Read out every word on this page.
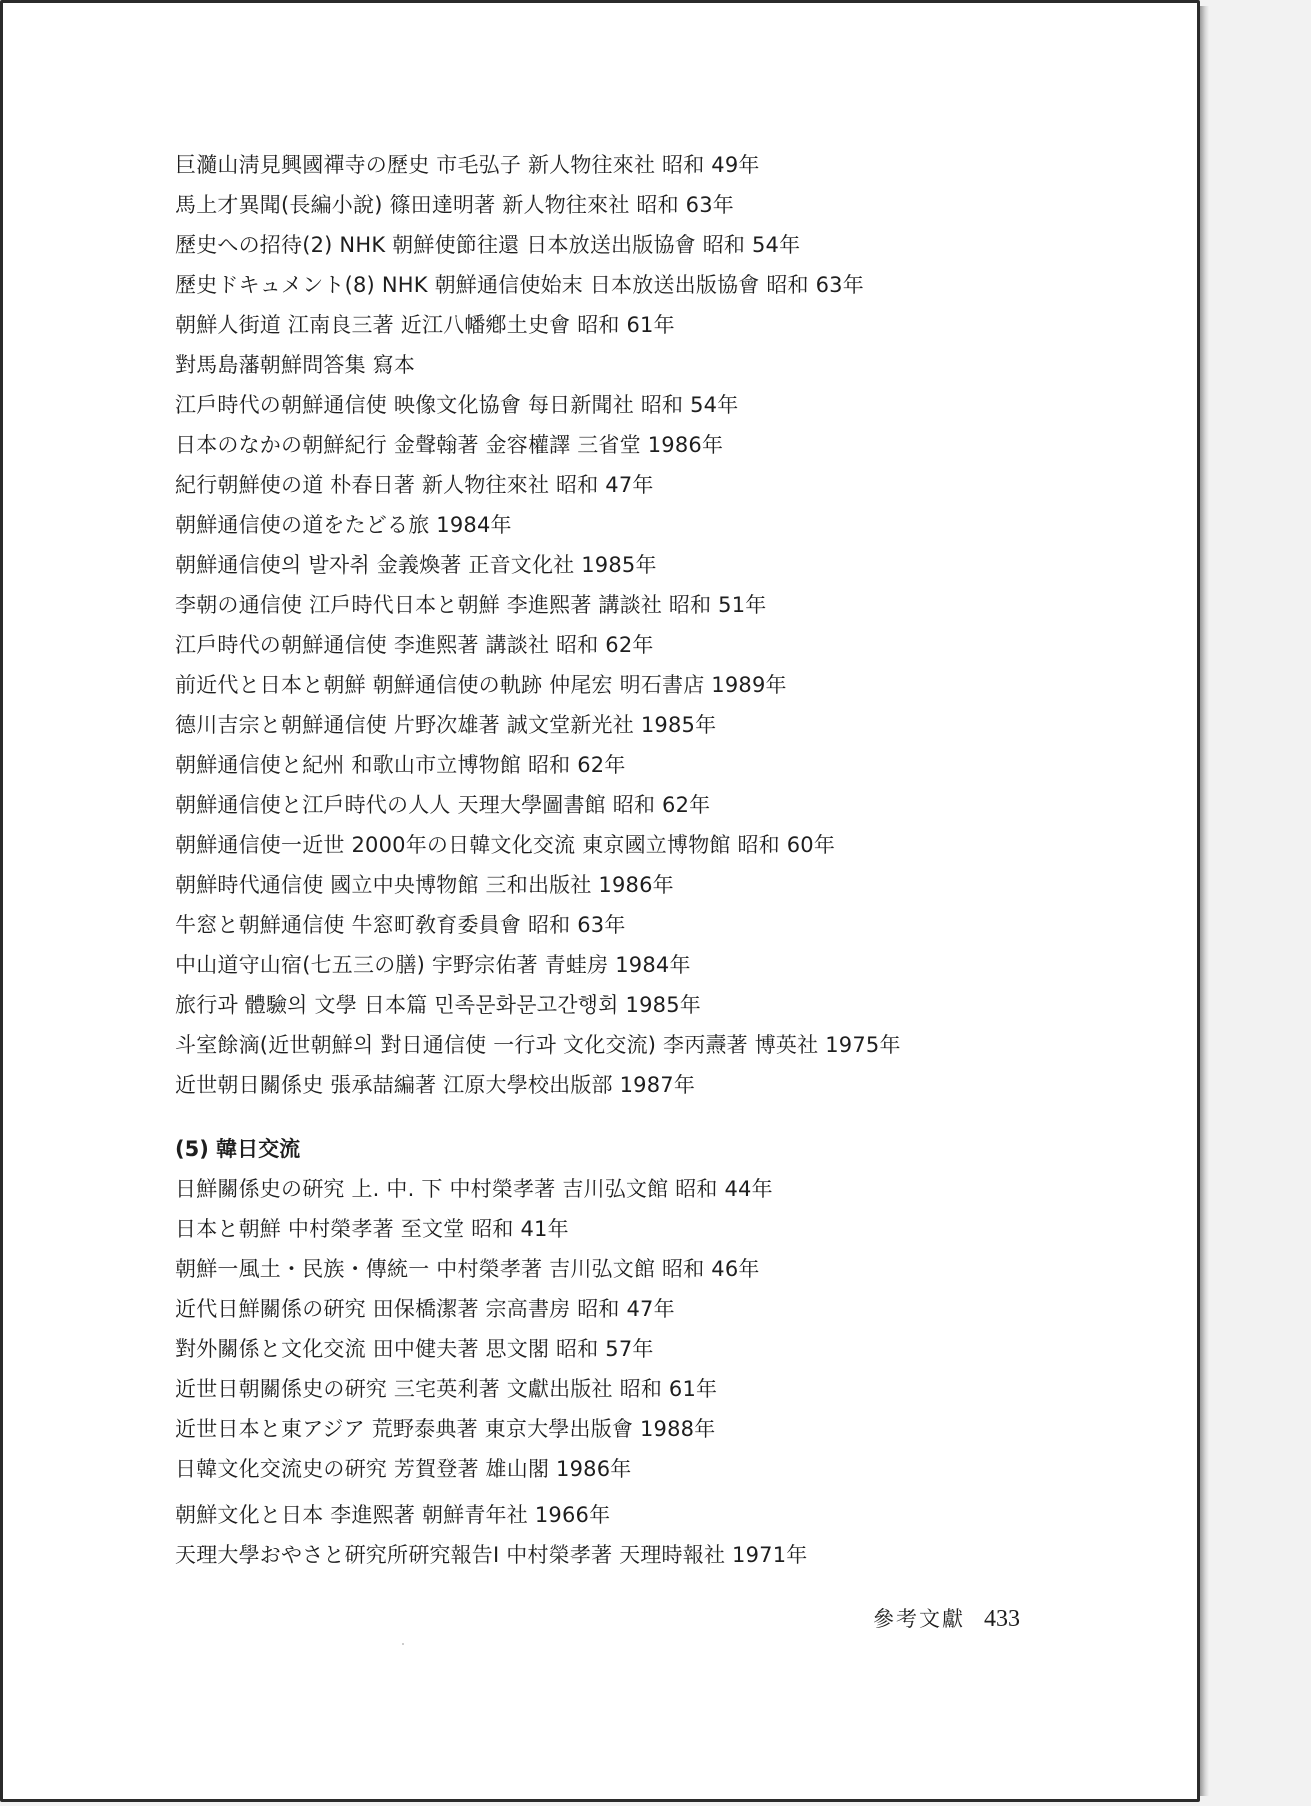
巨瀡山淸見興國禪寺の歷史 市毛弘子 新人物往來社 昭和 49年
馬上才異聞(長編小說) 篠田達明著 新人物往來社 昭和 63年
歷史への招待(2) NHK 朝鮮使節往還 日本放送出版協會 昭和 54年
歷史ドキュメント(8) NHK 朝鮮通信使始末 日本放送出版協會 昭和 63年
朝鮮人街道 江南良三著 近江八幡鄕土史會 昭和 61年
對馬島藩朝鮮問答集 寫本
江戶時代の朝鮮通信使 映像文化協會 每日新聞社 昭和 54年
日本のなかの朝鮮紀行 金聲翰著 金容權譯 三省堂 1986年
紀行朝鮮使の道 朴春日著 新人物往來社 昭和 47年
朝鮮通信使の道をたどる旅 1984年
朝鮮通信使의 발자취 金義煥著 正音文化社 1985年
李朝の通信使 江戶時代日本と朝鮮 李進熙著 講談社 昭和 51年
江戶時代の朝鮮通信使 李進熙著 講談社 昭和 62年
前近代と日本と朝鮮 朝鮮通信使の軌跡 仲尾宏 明石書店 1989年
德川吉宗と朝鮮通信使 片野次雄著 誠文堂新光社 1985年
朝鮮通信使と紀州 和歌山市立博物館 昭和 62年
朝鮮通信使と江戶時代の人人 天理大學圖書館 昭和 62年
朝鮮通信使一近世 2000年の日韓文化交流 東京國立博物館 昭和 60年
朝鮮時代通信使 國立中央博物館 三和出版社 1986年
牛窓と朝鮮通信使 牛窓町敎育委員會 昭和 63年
中山道守山宿(七五三の膳) 宇野宗佑著 青蛙房 1984年
旅行과 體驗의 文學 日本篇 민족문화문고간행회 1985年
斗室餘滴(近世朝鮮의 對日通信使 一行과 文化交流) 李丙燾著 博英社 1975年
近世朝日關係史 張承喆編著 江原大學校出版部 1987年
(5) 韓日交流
日鮮關係史の硏究 上. 中. 下 中村榮孝著 吉川弘文館 昭和 44年
日本と朝鮮 中村榮孝著 至文堂 昭和 41年
朝鮮一風土・民族・傳統一 中村榮孝著 吉川弘文館 昭和 46年
近代日鮮關係の硏究 田保橋潔著 宗高書房 昭和 47年
對外關係と文化交流 田中健夫著 思文閣 昭和 57年
近世日朝關係史の硏究 三宅英利著 文獻出版社 昭和 61年
近世日本と東アジア 荒野泰典著 東京大學出版會 1988年
日韓文化交流史の硏究 芳賀登著 雄山閣 1986年
朝鮮文化と日本 李進熙著 朝鮮青年社 1966年
天理大學おやさと硏究所硏究報告Ⅰ 中村榮孝著 天理時報社 1971年
參考文獻 433
